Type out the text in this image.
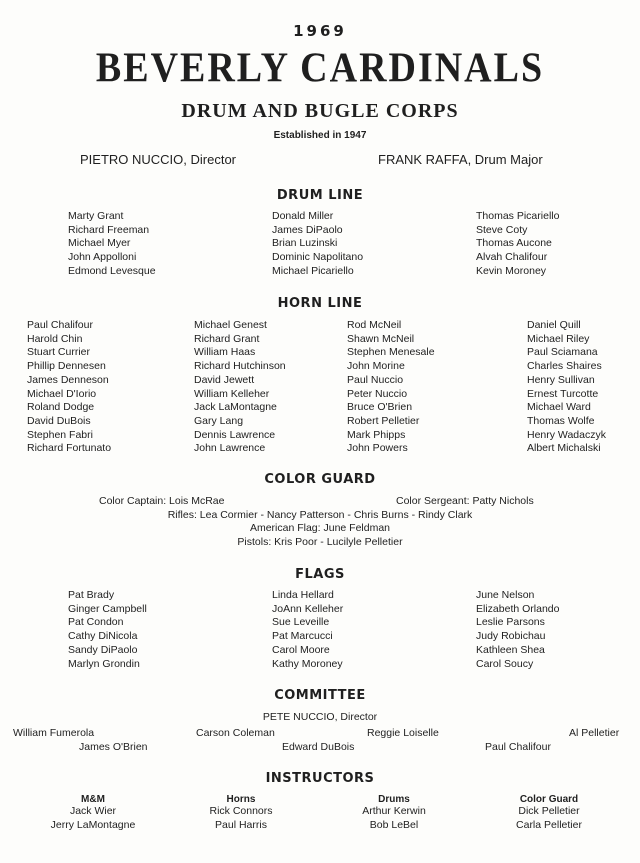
1969
BEVERLY CARDINALS
DRUM AND BUGLE CORPS
Established in 1947
PIETRO NUCCIO, Director	FRANK RAFFA, Drum Major
DRUM LINE
Marty Grant
Richard Freeman
Michael Myer
John Appolloni
Edmond Levesque
Donald Miller
James DiPaolo
Brian Luzinski
Dominic Napolitano
Michael Picariello
Thomas Picariello
Steve Coty
Thomas Aucone
Alvah Chalifour
Kevin Moroney
HORN LINE
Paul Chalifour
Harold Chin
Stuart Currier
Phillip Dennesen
James Denneson
Michael D'Iorio
Roland Dodge
David DuBois
Stephen Fabri
Richard Fortunato
Michael Genest
Richard Grant
William Haas
Richard Hutchinson
David Jewett
William Kelleher
Jack LaMontagne
Gary Lang
Dennis Lawrence
John Lawrence
Rod McNeil
Shawn McNeil
Stephen Menesale
John Morine
Paul Nuccio
Peter Nuccio
Bruce O'Brien
Robert Pelletier
Mark Phipps
John Powers
Daniel Quill
Michael Riley
Paul Sciamana
Charles Shaires
Henry Sullivan
Ernest Turcotte
Michael Ward
Thomas Wolfe
Henry Wadaczyk
Albert Michalski
COLOR GUARD
Color Captain: Lois McRae	Color Sergeant: Patty Nichols
Rifles: Lea Cormier - Nancy Patterson - Chris Burns - Rindy Clark
American Flag: June Feldman
Pistols: Kris Poor - Lucilyle Pelletier
FLAGS
Pat Brady
Ginger Campbell
Pat Condon
Cathy DiNicola
Sandy DiPaolo
Marlyn Grondin
Linda Hellard
JoAnn Kelleher
Sue Leveille
Pat Marcucci
Carol Moore
Kathy Moroney
June Nelson
Elizabeth Orlando
Leslie Parsons
Judy Robichau
Kathleen Shea
Carol Soucy
COMMITTEE
PETE NUCCIO, Director
William Fumerola	Carson Coleman	Reggie Loiselle	Al Pelletier
James O'Brien	Edward DuBois	Paul Chalifour
INSTRUCTORS
M&M
Jack Wier
Jerry LaMontagne
Horns
Rick Connors
Paul Harris
Drums
Arthur Kerwin
Bob LeBel
Color Guard
Dick Pelletier
Carla Pelletier
